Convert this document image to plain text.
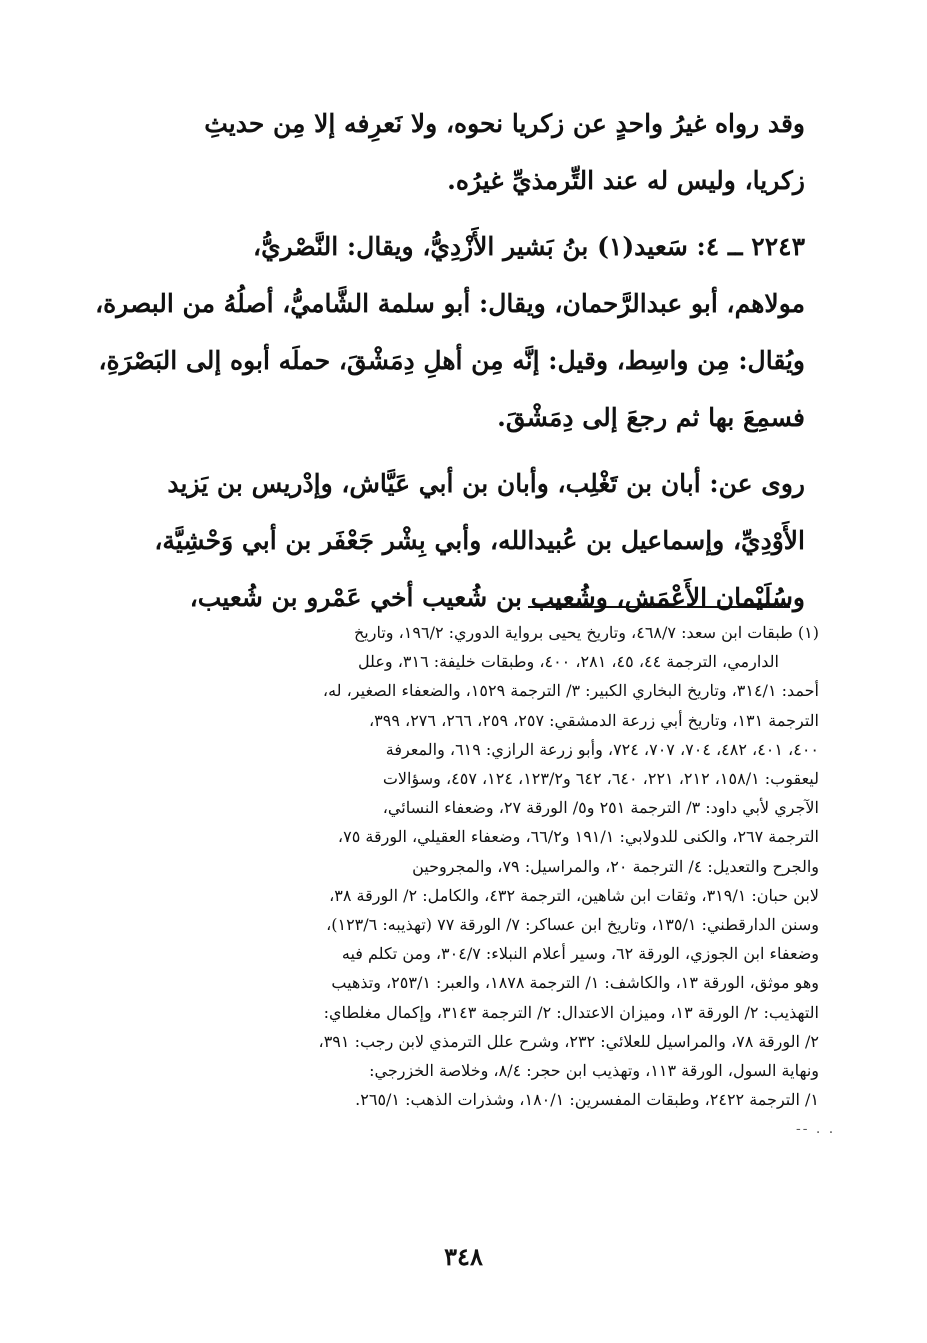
وقد رواه غيرُ واحدٍ عن زكريا نحوه، ولا نَعرِفه إلا مِن حديثِ

زكريا، وليس له عند التِّرمذيِّ غيرُه.

٢٢٤٣ ــ ٤: سَعيد(١) بنُ بَشير الأَزْدِيُّ، ويقال: النَّصْريُّ،

مولاهم، أبو عبدالرَّحمان، ويقال: أبو سلمة الشَّاميُّ، أصلُهُ من البصرة،

ويُقال: مِن واسِط، وقيل: إنَّه مِن أهلِ دِمَشْقَ، حملَه أبوه إلى البَصْرَةِ،

فسمِعَ بها ثم رجعَ إلى دِمَشْقَ.

روى عن: أبان بن تَغْلِب، وأبان بن أبي عَيَّاش، وإدْريس بن يَزيد

الأَوْدِيِّ، وإسماعيل بن عُبيدالله، وأبي بِشْر جَعْفَر بن أبي وَحْشِيَّة،

وسُلَيْمان الأَعْمَش، وشُعيب بن شُعيب أخي عَمْرو بن شُعيب،

(١) طبقات ابن سعد: ٤٦٨/٧، وتاريخ يحيى برواية الدوري: ١٩٦/٢، وتاريخ

الدارمي، الترجمة ٤٤، ٤٥، ٢٨١، ٤٠٠، وطبقات خليفة: ٣١٦، وعلل

أحمد: ٣١٤/١، وتاريخ البخاري الكبير: ٣/ الترجمة ١٥٢٩، والضعفاء الصغير، له،

الترجمة ١٣١، وتاريخ أبي زرعة الدمشقي: ٢٥٧، ٢٥٩، ٢٦٦، ٢٧٦، ٣٩٩،

٤٠٠، ٤٠١، ٤٨٢، ٧٠٤، ٧٠٧، ٧٢٤، وأبو زرعة الرازي: ٦١٩، والمعرفة

ليعقوب: ١٥٨/١، ٢١٢، ٢٢١، ٦٤٠، ٦٤٢ و١٢٣/٢، ١٢٤، ٤٥٧، وسؤالات

الآجري لأبي داود: ٣/ الترجمة ٢٥١ و٥/ الورقة ٢٧، وضعفاء النسائي،

الترجمة ٢٦٧، والكنى للدولابي: ١٩١/١ و٦٦/٢، وضعفاء العقيلي، الورقة ٧٥،

والجرح والتعديل: ٤/ الترجمة ٢٠، والمراسيل: ٧٩، والمجروحين

لابن حبان: ٣١٩/١، وثقات ابن شاهين، الترجمة ٤٣٢، والكامل: ٢/ الورقة ٣٨،

وسنن الدارقطني: ١٣٥/١، وتاريخ ابن عساكر: ٧/ الورقة ٧٧ (تهذيبه: ١٢٣/٦)،

وضعفاء ابن الجوزي، الورقة ٦٢، وسير أعلام النبلاء: ٣٠٤/٧، ومن تكلم فيه

وهو موثق، الورقة ١٣، والكاشف: ١/ الترجمة ١٨٧٨، والعبر: ٢٥٣/١، وتذهيب

التهذيب: ٢/ الورقة ١٣، وميزان الاعتدال: ٢/ الترجمة ٣١٤٣، وإكمال مغلطاي:

٢/ الورقة ٧٨، والمراسيل للعلائي: ٢٣٢، وشرح علل الترمذي لابن رجب: ٣٩١،

ونهاية السول، الورقة ١١٣، وتهذيب ابن حجر: ٨/٤، وخلاصة الخزرجي:

١/ الترجمة ٢٤٢٢، وطبقات المفسرين: ١٨٠/١، وشذرات الذهب: ٢٦٥/١.

-- . .
٣٤٨
